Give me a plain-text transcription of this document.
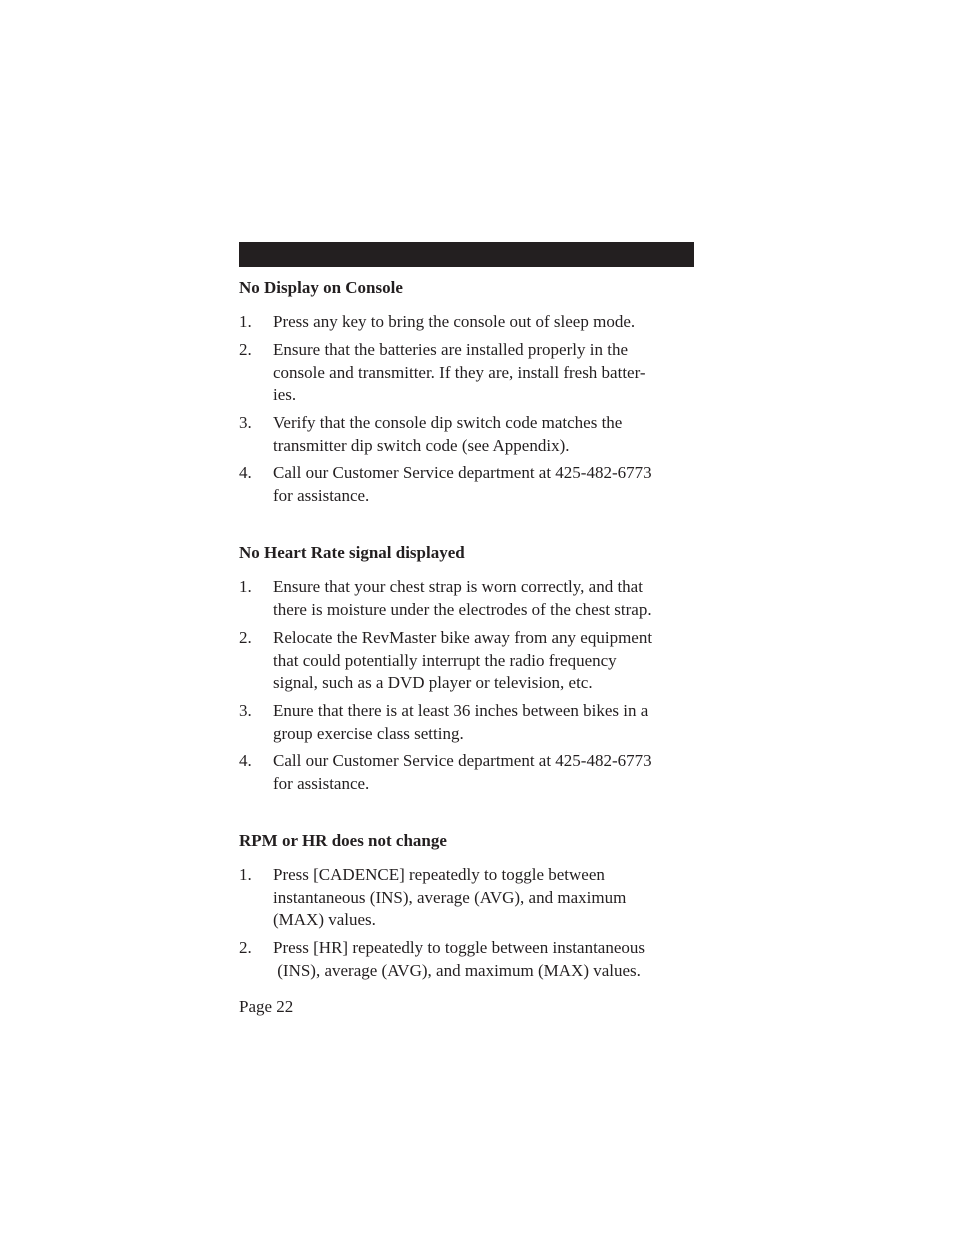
No Display on Console
1. Press any key to bring the console out of sleep mode.
2. Ensure that the batteries are installed properly in the
console and transmitter. If they are, install fresh batter-
ies.
3. Verify that the console dip switch code matches the
transmitter dip switch code (see Appendix).
4. Call our Customer Service department at 425-482-6773
for assistance.
No Heart Rate signal displayed
1. Ensure that your chest strap is worn correctly, and that
there is moisture under the electrodes of the chest strap.
2. Relocate the RevMaster bike away from any equipment
that could potentially interrupt the radio frequency
signal, such as a DVD player or television, etc.
3. Enure that there is at least 36 inches between bikes in a
group exercise class setting.
4. Call our Customer Service department at 425-482-6773
for assistance.
RPM or HR does not change
1. Press [CADENCE] repeatedly to toggle between
instantaneous (INS), average (AVG), and maximum
(MAX) values.
2. Press [HR] repeatedly to toggle between instantaneous
(INS), average (AVG), and maximum (MAX) values.
Page 22
